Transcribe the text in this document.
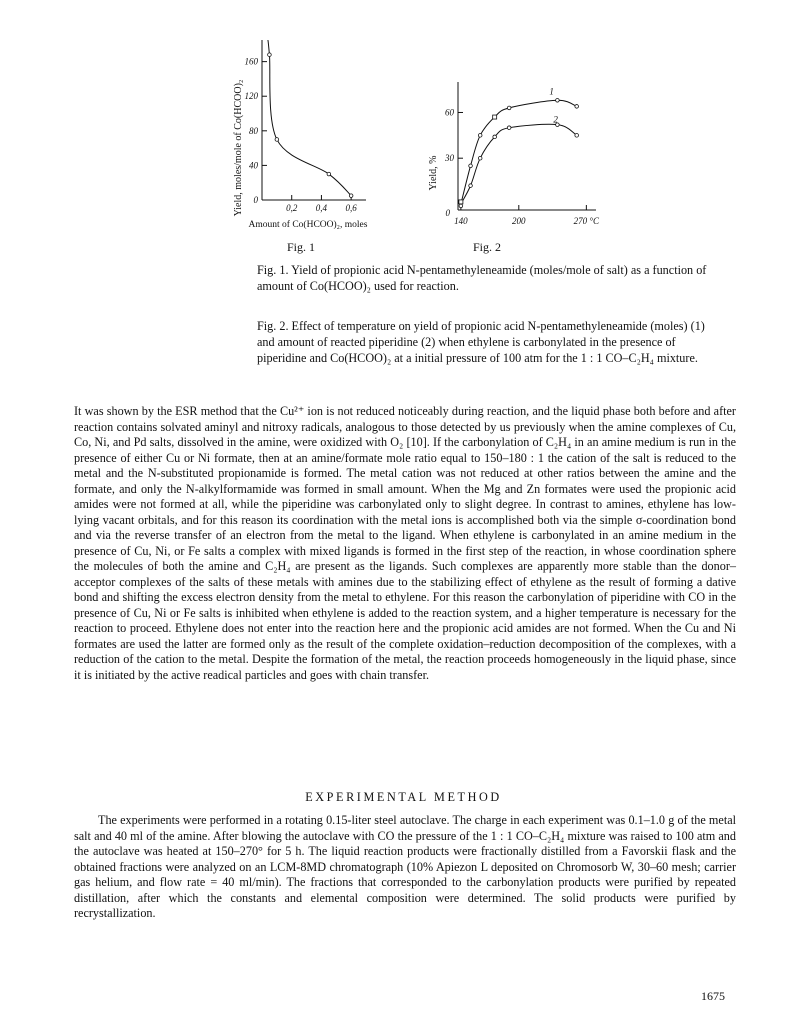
0
40
80
120
160
0,2 0,4 0,6
Yield, moles/mole of Co(HCOO)₂
Amount of Co(HCOO)₂, moles
30
60
0
140	200	270 °C
1
2
Yield, %
Fig. 1	Fig. 2

Fig. 1. Yield of propionic acid N-pentamethyleneamide (moles/mole of salt) as a function of amount of Co(HCOO)₂ used for reaction.

Fig. 2. Effect of temperature on yield of propionic acid N-pentamethyleneamide (moles) (1) and amount of reacted piperidine (2) when ethylene is carbonylated in the presence of piperidine and Co(HCOO)₂ at a initial pressure of 100 atm for the 1 : 1 CO–C₂H₄ mixture.

It was shown by the ESR method that the Cu²⁺ ion is not reduced noticeably during reaction, and the liquid phase both before and after reaction contains solvated aminyl and nitroxy radicals, analogous to those detected by us previously when the amine complexes of Cu, Co, Ni, and Pd salts, dissolved in the amine, were oxidized with O₂ [10]. If the carbonylation of C₂H₄ in an amine medium is run in the presence of either Cu or Ni formate, then at an amine/formate mole ratio equal to 150–180 : 1 the cation of the salt is reduced to the metal and the N-substituted propionamide is formed. The metal cation was not reduced at other ratios between the amine and the formate, and only the N-alkylformamide was formed in small amount. When the Mg and Zn formates were used the propionic acid amides were not formed at all, while the piperidine was carbonylated only to slight degree. In contrast to amines, ethylene has low-lying vacant orbitals, and for this reason its coordination with the metal ions is accomplished both via the simple σ-coordination bond and via the reverse transfer of an electron from the metal to the ligand. When ethylene is carbonylated in an amine medium in the presence of Cu, Ni, or Fe salts a complex with mixed ligands is formed in the first step of the reaction, in whose coordination sphere the molecules of both the amine and C₂H₄ are present as the ligands. Such complexes are apparently more stable than the donor–acceptor complexes of the salts of these metals with amines due to the stabilizing effect of ethylene as the result of forming a dative bond and shifting the excess electron density from the metal to ethylene. For this reason the carbonylation of piperidine with CO in the presence of Cu, Ni or Fe salts is inhibited when ethylene is added to the reaction system, and a higher temperature is necessary for the reaction to proceed. Ethylene does not enter into the reaction here and the propionic acid amides are not formed. When the Cu and Ni formates are used the latter are formed only as the result of the complete oxidation–reduction decomposition of the complexes, with a reduction of the cation to the metal. Despite the formation of the metal, the reaction proceeds homogeneously in the liquid phase, since it is initiated by the active readical particles and goes with chain transfer.

EXPERIMENTAL METHOD

The experiments were performed in a rotating 0.15-liter steel autoclave. The charge in each experiment was 0.1–1.0 g of the metal salt and 40 ml of the amine. After blowing the autoclave with CO the pressure of the 1 : 1 CO–C₂H₄ mixture was raised to 100 atm and the autoclave was heated at 150–270° for 5 h. The liquid reaction products were fractionally distilled from a Favorskii flask and the obtained fractions were analyzed on an LCM-8MD chromatograph (10% Apiezon L deposited on Chromosorb W, 30–60 mesh; carrier gas helium, and flow rate = 40 ml/min). The fractions that corresponded to the carbonylation products were purified by repeated distillation, after which the constants and elemental composition were determined. The solid products were purified by recrystallization.

1675
